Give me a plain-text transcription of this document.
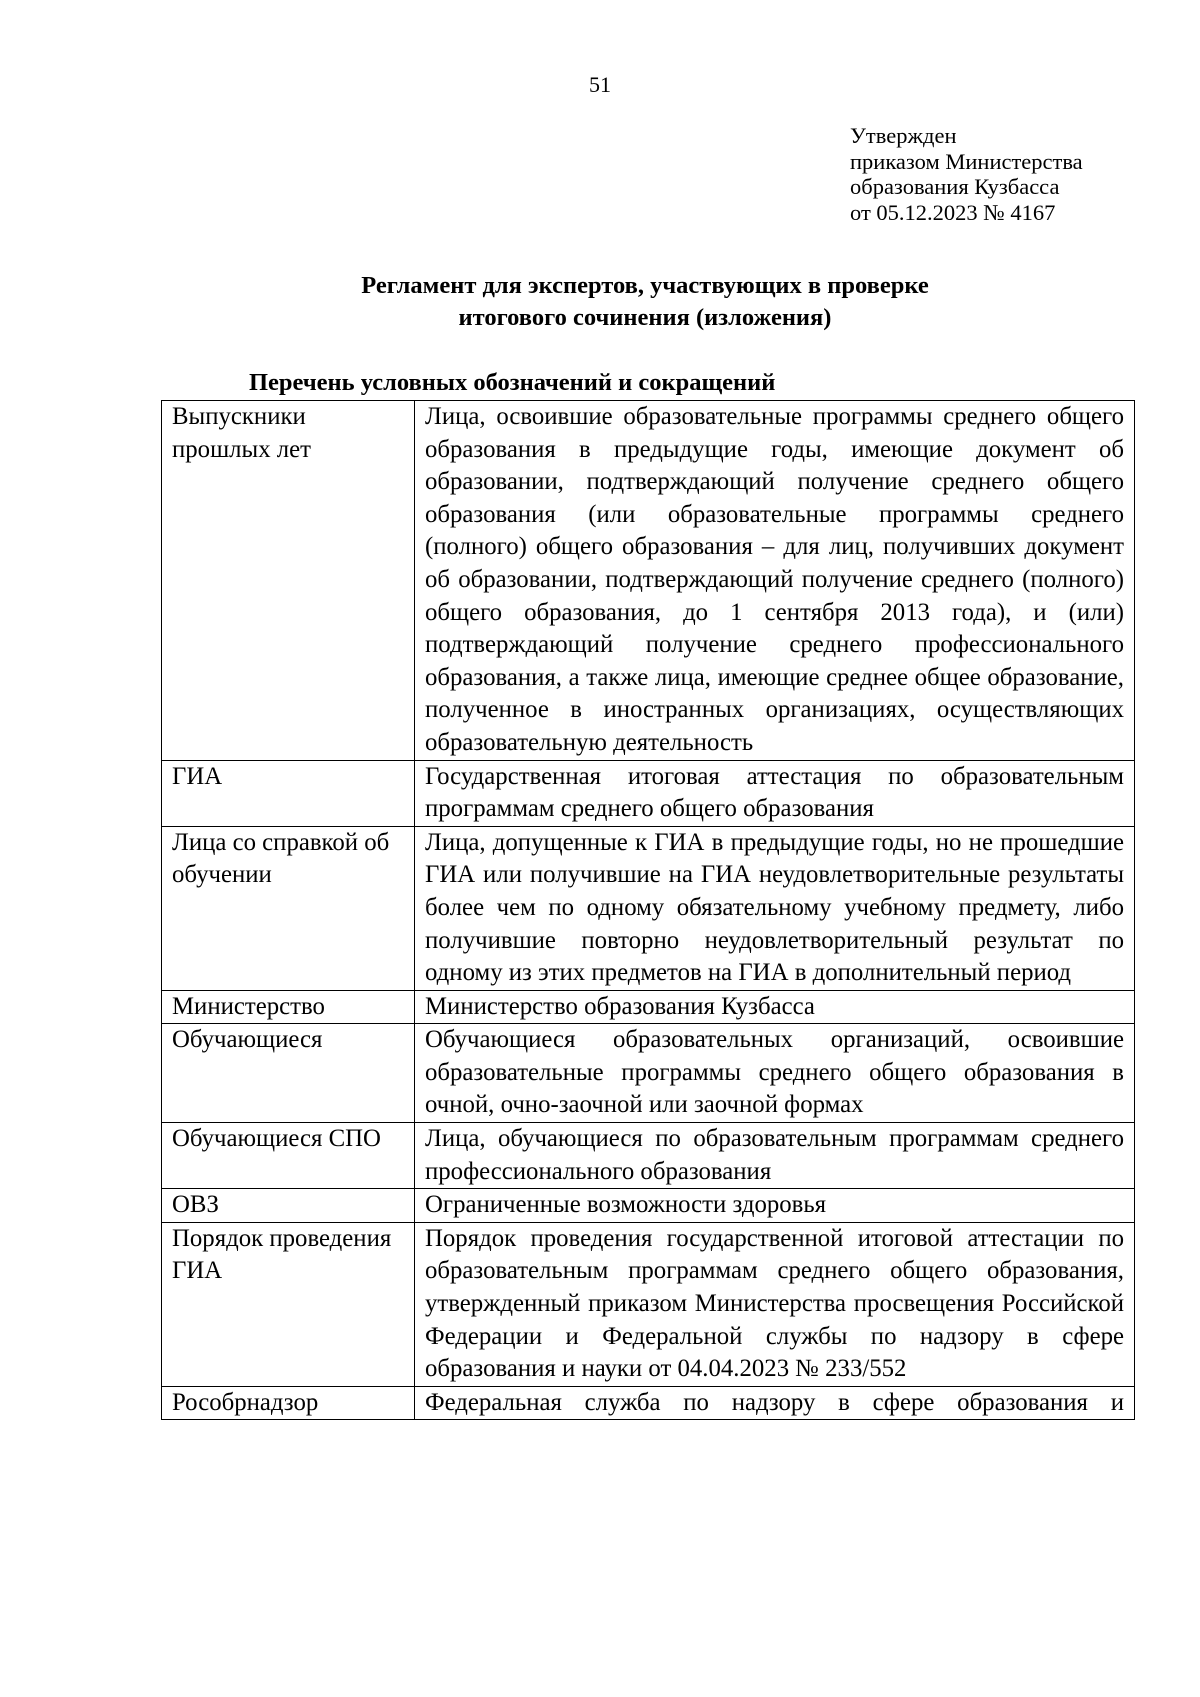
51
Утвержден
приказом Министерства
образования Кузбасса
от 05.12.2023 № 4167
Регламент для экспертов, участвующих в проверке
итогового сочинения (изложения)
Перечень условных обозначений и сокращений
Выпускники прошлых лет	Лица, освоившие образовательные программы среднего общего образования в предыдущие годы, имеющие документ об образовании, подтверждающий получение среднего общего образования (или образовательные программы среднего (полного) общего образования – для лиц, получивших документ об образовании, подтверждающий получение среднего (полного) общего образования, до 1 сентября 2013 года), и (или) подтверждающий получение среднего профессионального образования, а также лица, имеющие среднее общее образование, полученное в иностранных организациях, осуществляющих образовательную деятельность
ГИА	Государственная итоговая аттестация по образовательным программам среднего общего образования
Лица со справкой об обучении	Лица, допущенные к ГИА в предыдущие годы, но не прошедшие ГИА или получившие на ГИА неудовлетворительные результаты более чем по одному обязательному учебному предмету, либо получившие повторно неудовлетворительный результат по одному из этих предметов на ГИА в дополнительный период
Министерство	Министерство образования Кузбасса
Обучающиеся	Обучающиеся образовательных организаций, освоившие образовательные программы среднего общего образования в очной, очно-заочной или заочной формах
Обучающиеся СПО	Лица, обучающиеся по образовательным программам среднего профессионального образования
ОВЗ	Ограниченные возможности здоровья
Порядок проведения ГИА	Порядок проведения государственной итоговой аттестации по образовательным программам среднего общего образования, утвержденный приказом Министерства просвещения Российской Федерации и Федеральной службы по надзору в сфере образования и науки от 04.04.2023 № 233/552
Рособрнадзор	Федеральная служба по надзору в сфере образования и
